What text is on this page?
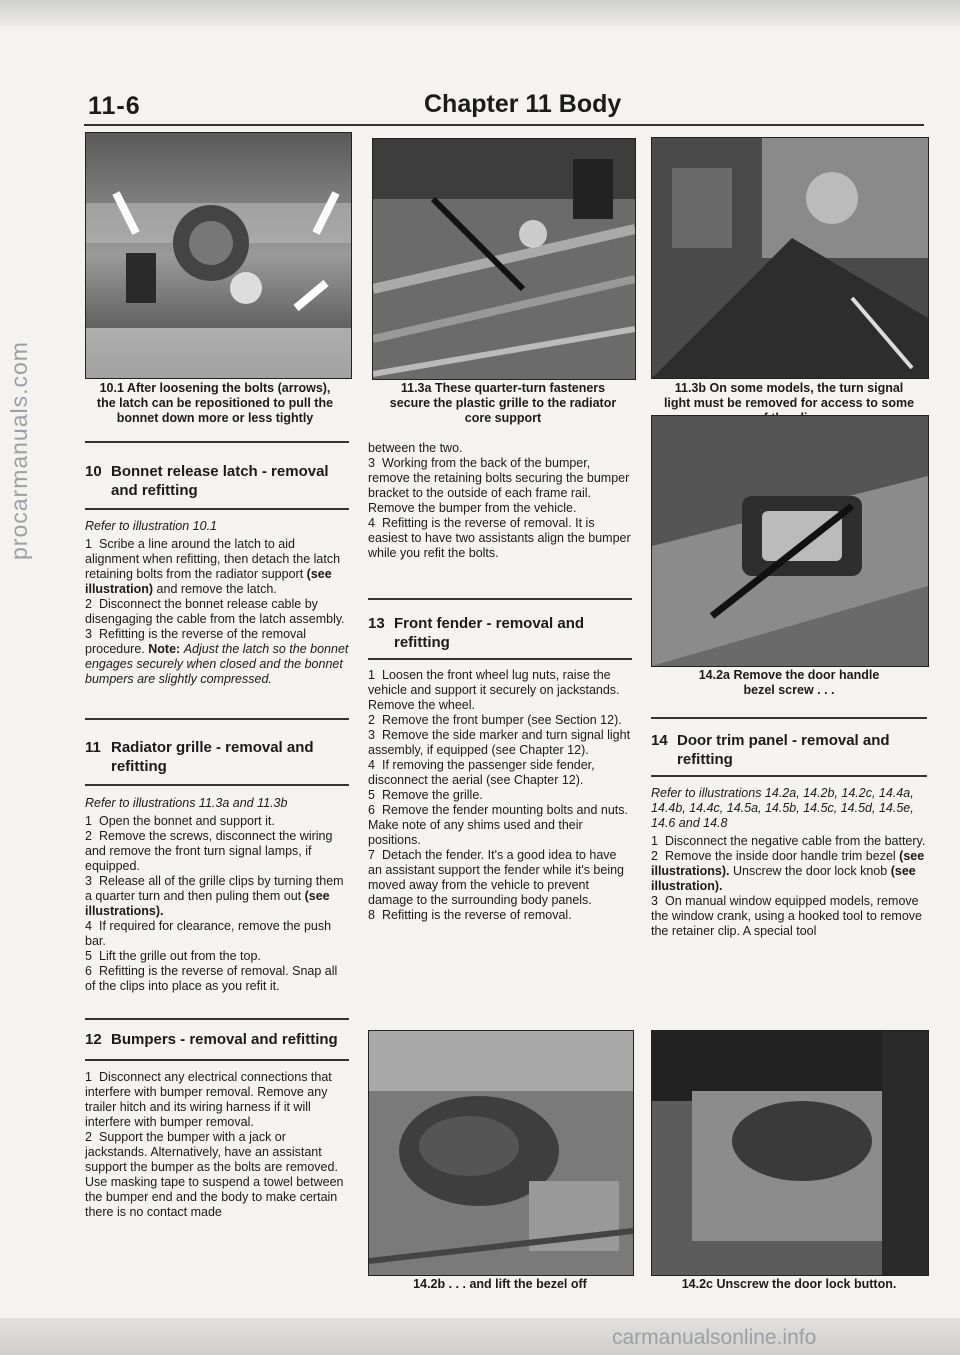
11-6	Chapter 11 Body
10.1 After loosening the bolts (arrows),
the latch can be repositioned to pull the
bonnet down more or less tightly
11.3a These quarter-turn fasteners
secure the plastic grille to the radiator
core support
11.3b On some models, the turn signal
light must be removed for access to some
10 Bonnet release latch - removal
and refitting

Refer to illustration 10.1

1 Scribe a line around the latch to aid alignment when refitting, then detach the latch retaining bolts from the radiator support (see illustration) and remove the latch.

2 Disconnect the bonnet release cable by disengaging the cable from the latch assembly.

3 Refitting is the reverse of the removal procedure. Note: Adjust the latch so the bonnet engages securely when closed and the bonnet bumpers are slightly compressed.

11 Radiator grille - removal and
refitting

Refer to illustrations 11.3a and 11.3b

1 Open the bonnet and support it.

2 Remove the screws, disconnect the wiring and remove the front turn signal lamps, if equipped.

3 Release all of the grille clips by turning them a quarter turn and then puling them out (see illustrations).

4 If required for clearance, remove the push bar.

5 Lift the grille out from the top.

6 Refitting is the reverse of removal. Snap all of the clips into place as you refit it.

12 Bumpers - removal and refitting

1 Disconnect any electrical connections that interfere with bumper removal. Remove any trailer hitch and its wiring harness if it will interfere with bumper removal.

2 Support the bumper with a jack or jackstands. Alternatively, have an assistant support the bumper as the bolts are removed. Use masking tape to suspend a towel between the bumper end and the body to make certain there is no contact made

between the two.

3 Working from the back of the bumper, remove the retaining bolts securing the bumper bracket to the outside of each frame rail. Remove the bumper from the vehicle.

4 Refitting is the reverse of removal. It is easiest to have two assistants align the bumper while you refit the bolts.

13 Front fender - removal and
refitting

1 Loosen the front wheel lug nuts, raise the vehicle and support it securely on jackstands. Remove the wheel.

2 Remove the front bumper (see Section 12).

3 Remove the side marker and turn signal light assembly, if equipped (see Chapter 12).

4 If removing the passenger side fender, disconnect the aerial (see Chapter 12).

5 Remove the grille.

6 Remove the fender mounting bolts and nuts. Make note of any shims used and their positions.

7 Detach the fender. It's a good idea to have an assistant support the fender while it's being moved away from the vehicle to prevent damage to the surrounding body panels.

8 Refitting is the reverse of removal.

14.2b . . . and lift the bezel off
14.2a Remove the door handle
bezel screw . . .
14 Door trim panel - removal and
refitting

Refer to illustrations 14.2a, 14.2b, 14.2c, 14.4a, 14.4b, 14.4c, 14.5a, 14.5b, 14.5c, 14.5d, 14.5e, 14.6 and 14.8

1 Disconnect the negative cable from the battery.

2 Remove the inside door handle trim bezel (see illustrations). Unscrew the door lock knob (see illustration).

3 On manual window equipped models, remove the window crank, using a hooked tool to remove the retainer clip. A special tool

14.2c Unscrew the door lock button.
procarmanuals.com
carmanualsonline.info
